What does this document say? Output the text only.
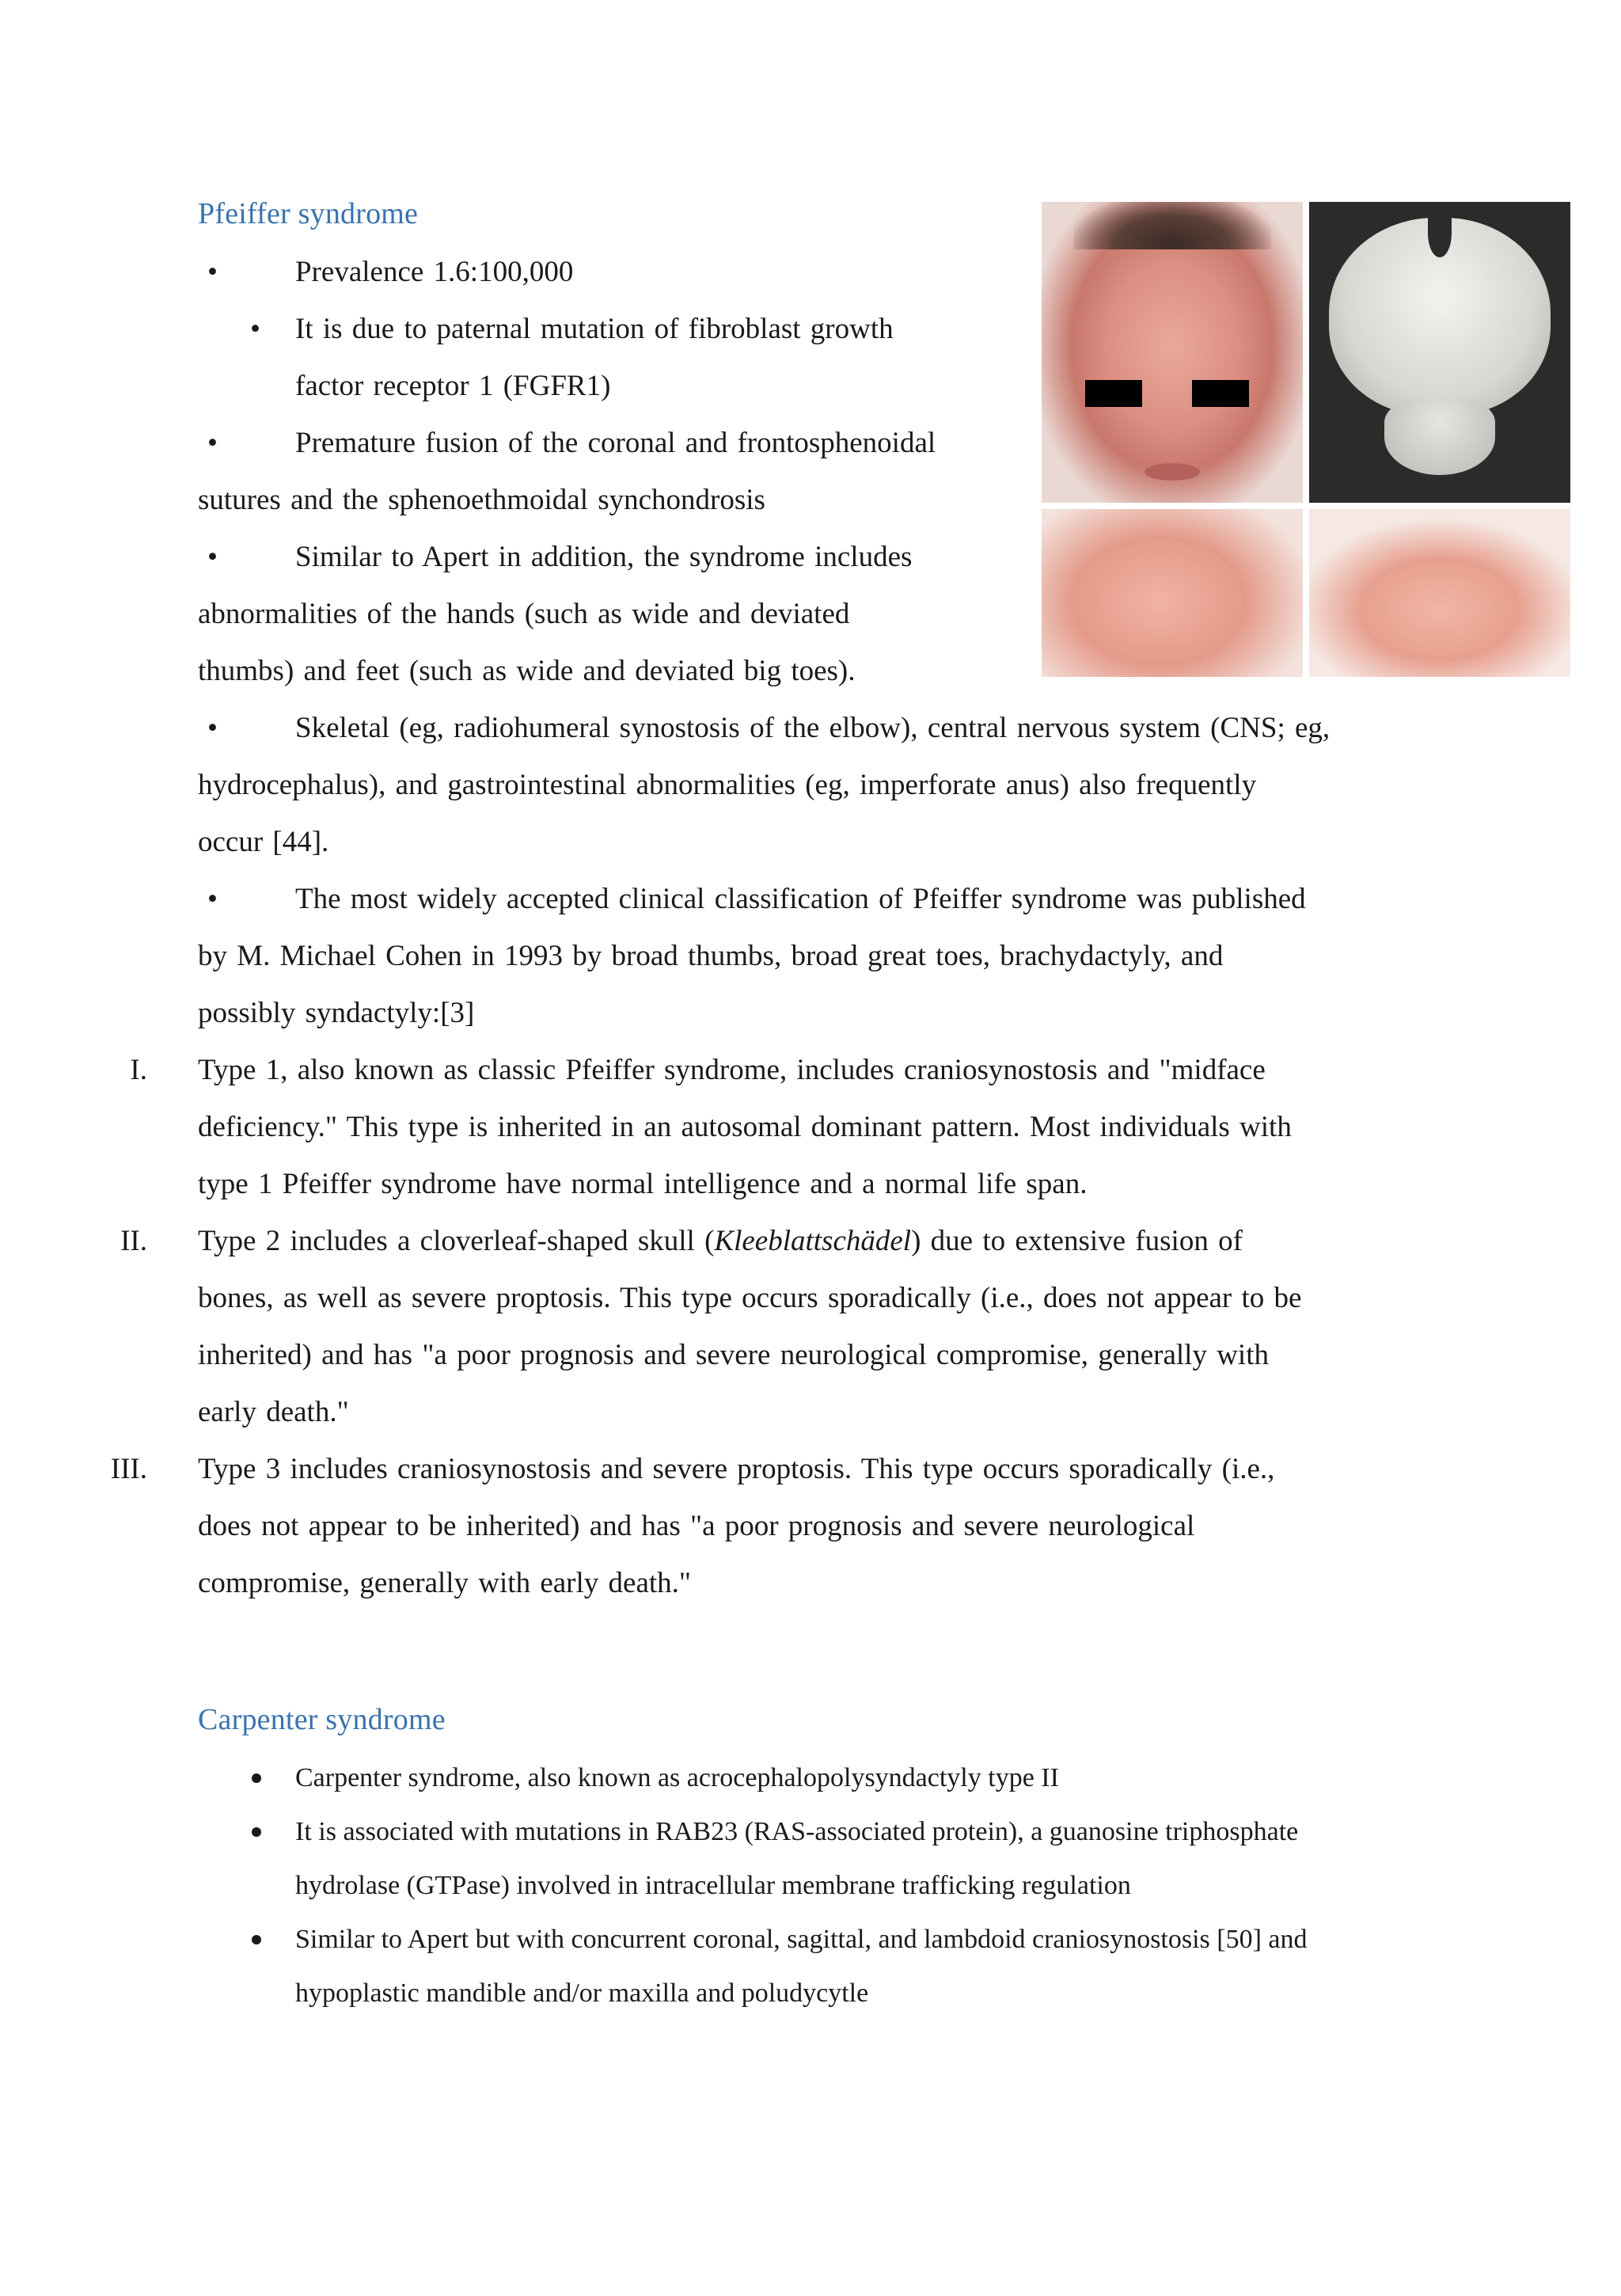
Pfeiffer syndrome
•	Prevalence 1.6:100,000
• It is due to paternal mutation of fibroblast growth
factor receptor 1 (FGFR1)
•	Premature fusion of the coronal and frontosphenoidal
sutures and the sphenoethmoidal synchondrosis
•	Similar to Apert in addition, the syndrome includes
abnormalities of the hands (such as wide and deviated
thumbs) and feet (such as wide and deviated big toes).
•	Skeletal (eg, radiohumeral synostosis of the elbow), central nervous system (CNS; eg,
hydrocephalus), and gastrointestinal abnormalities (eg, imperforate anus) also frequently
occur [44].
•	The most widely accepted clinical classification of Pfeiffer syndrome was published
by M. Michael Cohen in 1993 by broad thumbs, broad great toes, brachydactyly, and
possibly syndactyly:[3]
I. Type 1, also known as classic Pfeiffer syndrome, includes craniosynostosis and "midface
deficiency." This type is inherited in an autosomal dominant pattern. Most individuals with
type 1 Pfeiffer syndrome have normal intelligence and a normal life span.
II. Type 2 includes a cloverleaf-shaped skull (Kleeblattschädel) due to extensive fusion of
bones, as well as severe proptosis. This type occurs sporadically (i.e., does not appear to be
inherited) and has "a poor prognosis and severe neurological compromise, generally with
early death."
III. Type 3 includes craniosynostosis and severe proptosis. This type occurs sporadically (i.e.,
does not appear to be inherited) and has "a poor prognosis and severe neurological
compromise, generally with early death."
Carpenter syndrome
Carpenter syndrome, also known as acrocephalopolysyndactyly type II
It is associated with mutations in RAB23 (RAS-associated protein), a guanosine triphosphate
hydrolase (GTPase) involved in intracellular membrane trafficking regulation
Similar to Apert but with concurrent coronal, sagittal, and lambdoid craniosynostosis [50] and
hypoplastic mandible and/or maxilla and poludycytle
